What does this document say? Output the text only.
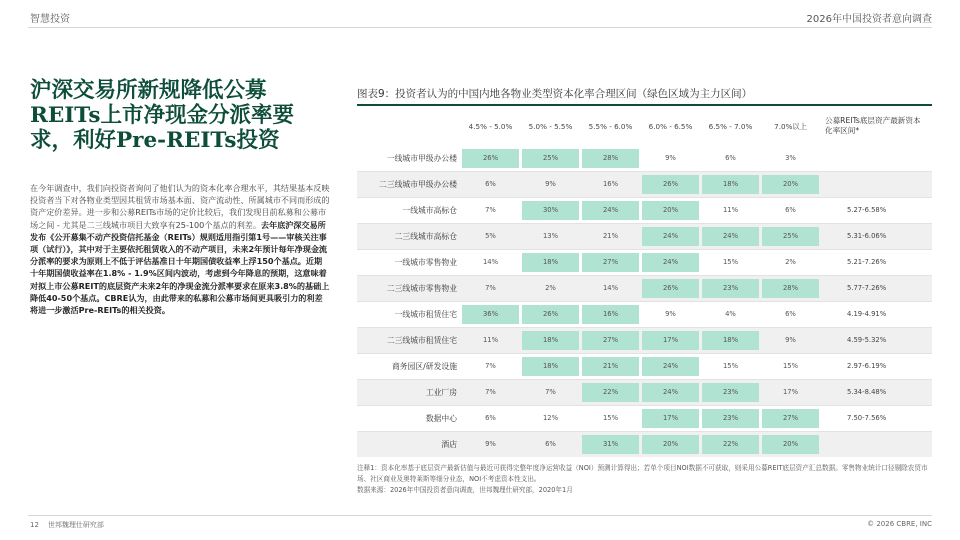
智慧投资	2026年中国投资者意向调查
沪深交易所新规降低公募REITs上市净现金分派率要求，利好Pre-REITs投资

在今年调查中，我们向投资者询问了他们认为的资本化率合理水平，其结果基本反映投资者当下对各物业类型因其租赁市场基本面、资产流动性、所属城市不同而形成的资产定价差异。进一步和公募REITs市场的定价比较后，我们发现目前私募和公募市场之间 - 尤其是二三线城市项目大致享有25-100个基点的利差。去年底沪深交易所发布《公开募集不动产投资信托基金（REITs）规则适用指引第1号——审核关注事项（试行）》，其中对于主要依托租赁收入的不动产项目，未来2年预计每年净现金流分派率的要求为原则上不低于评估基准日十年期国债收益率上浮150个基点。近期十年期国债收益率在1.8% - 1.9%区间内波动，考虑到今年降息的预期，这意味着对拟上市公募REIT的底层资产未来2年的净现金流分派率要求在原来3.8%的基础上降低40-50个基点。CBRE认为，由此带来的私募和公募市场间更具吸引力的利差将进一步激活Pre-REITs的相关投资。

图表9：投资者认为的中国内地各物业类型资本化率合理区间（绿色区域为主力区间）
公募REITs底层资产最新资本化率区间*
4.5% - 5.0%	5.0% - 5.5%	5.5% - 6.0%	6.0% - 6.5%	6.5% - 7.0%	7.0%以上
一线城市甲级办公楼	26%	25%	28%	9%	6%	3%
二三线城市甲级办公楼	6%	9%	16%	26%	18%	20%
一线城市高标仓	7%	30%	24%	20%	11%	6%	5.27-6.58%
二三线城市高标仓	5%	13%	21%	24%	24%	25%	5.31-6.06%
一线城市零售物业	14%	18%	27%	24%	15%	2%	5.21-7.26%
二三线城市零售物业	7%	2%	14%	26%	23%	28%	5.77-7.26%
一线城市租赁住宅	36%	26%	16%	9%	4%	6%	4.19-4.91%
二三线城市租赁住宅	11%	18%	27%	17%	18%	9%	4.59-5.32%
商务园区/研发设施	7%	18%	21%	24%	15%	15%	2.97-6.19%
工业厂房	7%	7%	22%	24%	23%	17%	5.34-8.48%
数据中心	6%	12%	15%	17%	23%	27%	7.50-7.56%
酒店	9%	6%	31%	20%	22%	20%
注释1：资本化率基于底层资产最新估值与最近可获得完整年度净运营收益（NOI）预测计算得出；若单个项目NOI数据不可获取，则采用公募REIT底层资产汇总数据。零售物业统计口径剔除农贸市场、社区商业及奥特莱斯等细分业态，NOI不考虑资本性支出。
数据来源：2026年中国投资者意向调查，世邦魏理仕研究部，2020年1月
12 世邦魏理仕研究部	© 2026 CBRE, INC
